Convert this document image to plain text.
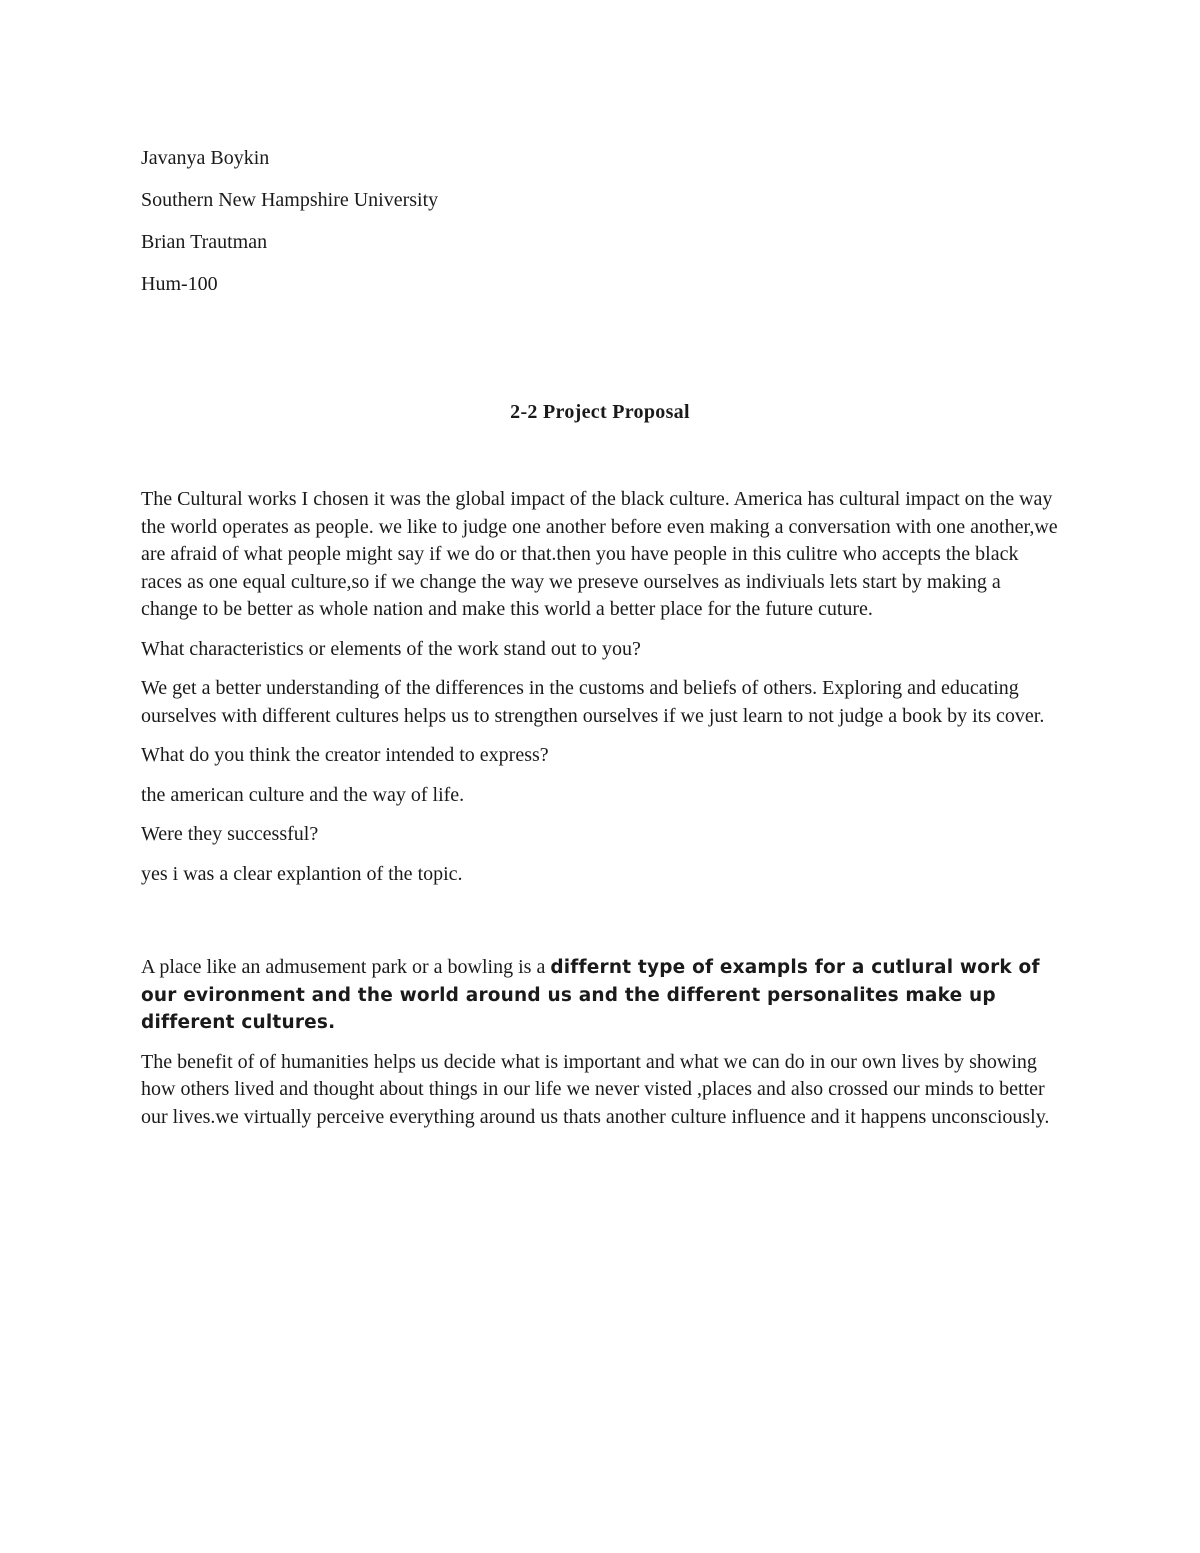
Javanya Boykin
Southern New Hampshire University
Brian Trautman
Hum-100
2-2 Project Proposal

The Cultural works I chosen it was the global impact of the black culture. America has cultural impact on the way the world operates as people. we like to judge one another before even making a conversation with one another,we are afraid of what people might say if we do or that.then you have people in this culitre who accepts the black races as one equal culture,so if we change the way we preseve ourselves as indiviuals lets start by making a change to be better as whole nation and make this world a better place for the future cuture.

What characteristics or elements of the work stand out to you?

We get a better understanding of the differences in the customs and beliefs of others. Exploring and educating ourselves with different cultures helps us to strengthen ourselves if we just learn to not judge a book by its cover.

What do you think the creator intended to express?

the american culture and the way of life.

Were they successful?

yes i was a clear explantion of the topic.

A place like an admusement park or a bowling is a differnt type of exampls for a cutlural work of our evironment and the world around us and the different personalites make up different cultures.

The benefit of of humanities helps us decide what is important and what we can do in our own lives by showing how others lived and thought about things in our life we never visted ,places and also crossed our minds to better our lives.we virtually perceive everything around us thats another culture influence and it happens unconsciously.
